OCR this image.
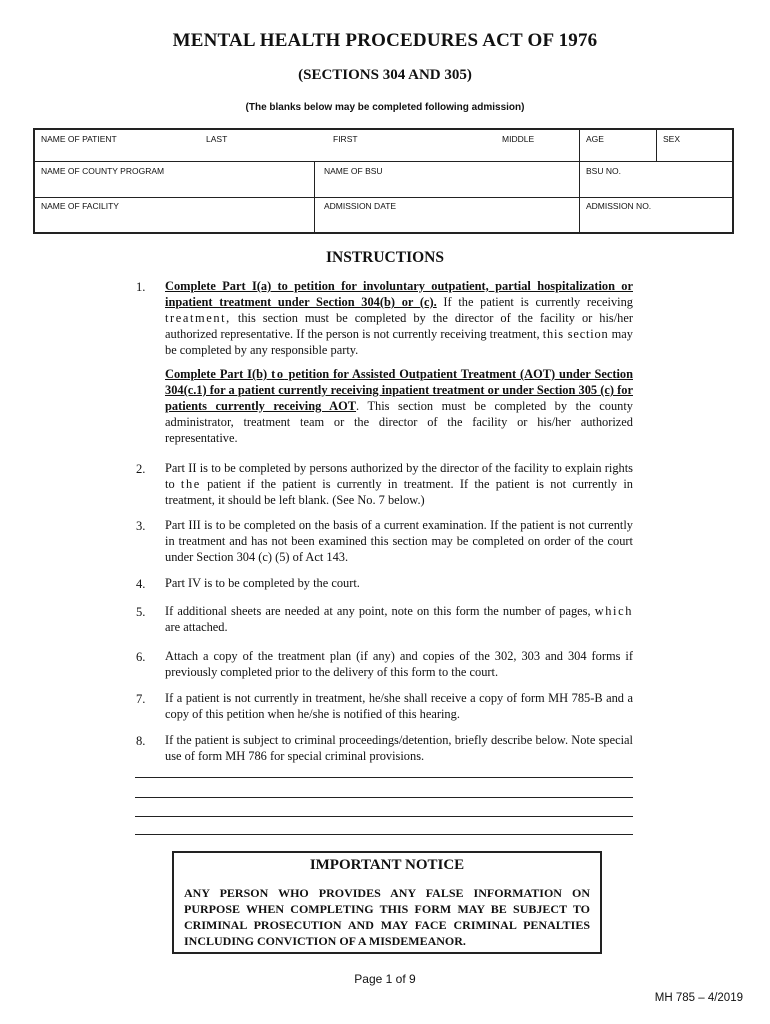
MENTAL HEALTH PROCEDURES ACT OF 1976
(SECTIONS 304 AND 305)
(The blanks below may be completed following admission)
NAME OF PATIENT	LAST	FIRST	MIDDLE	AGE	SEX
NAME OF COUNTY PROGRAM	NAME OF BSU	BSU NO.
NAME OF FACILITY	ADMISSION DATE	ADMISSION NO.
INSTRUCTIONS
1. Complete Part I(a) to petition for involuntary outpatient, partial hospitalization or inpatient treatment under Section 304(b) or (c). If the patient is currently receiving treatment, this section must be completed by the director of the facility or his/her authorized representative. If the person is not currently receiving treatment, this section may be completed by any responsible party.
Complete Part I(b) to petition for Assisted Outpatient Treatment (AOT) under Section 304(c.1) for a patient currently receiving inpatient treatment or under Section 305 (c) for patients currently receiving AOT. This section must be completed by the county administrator, treatment team or the director of the facility or his/her authorized representative.
2. Part II is to be completed by persons authorized by the director of the facility to explain rights to the patient if the patient is currently in treatment. If the patient is not currently in treatment, it should be left blank. (See No. 7 below.)
3. Part III is to be completed on the basis of a current examination. If the patient is not currently in treatment and has not been examined this section may be completed on order of the court under Section 304 (c) (5) of Act 143.
4. Part IV is to be completed by the court.
5. If additional sheets are needed at any point, note on this form the number of pages, which are attached.
6. Attach a copy of the treatment plan (if any) and copies of the 302, 303 and 304 forms if previously completed prior to the delivery of this form to the court.
7. If a patient is not currently in treatment, he/she shall receive a copy of form MH 785-B and a copy of this petition when he/she is notified of this hearing.
8. If the patient is subject to criminal proceedings/detention, briefly describe below. Note special use of form MH 786 for special criminal provisions.
IMPORTANT NOTICE
ANY PERSON WHO PROVIDES ANY FALSE INFORMATION ON PURPOSE WHEN COMPLETING THIS FORM MAY BE SUBJECT TO CRIMINAL PROSECUTION AND MAY FACE CRIMINAL PENALTIES INCLUDING CONVICTION OF A MISDEMEANOR.
Page 1 of 9
MH 785 – 4/2019
